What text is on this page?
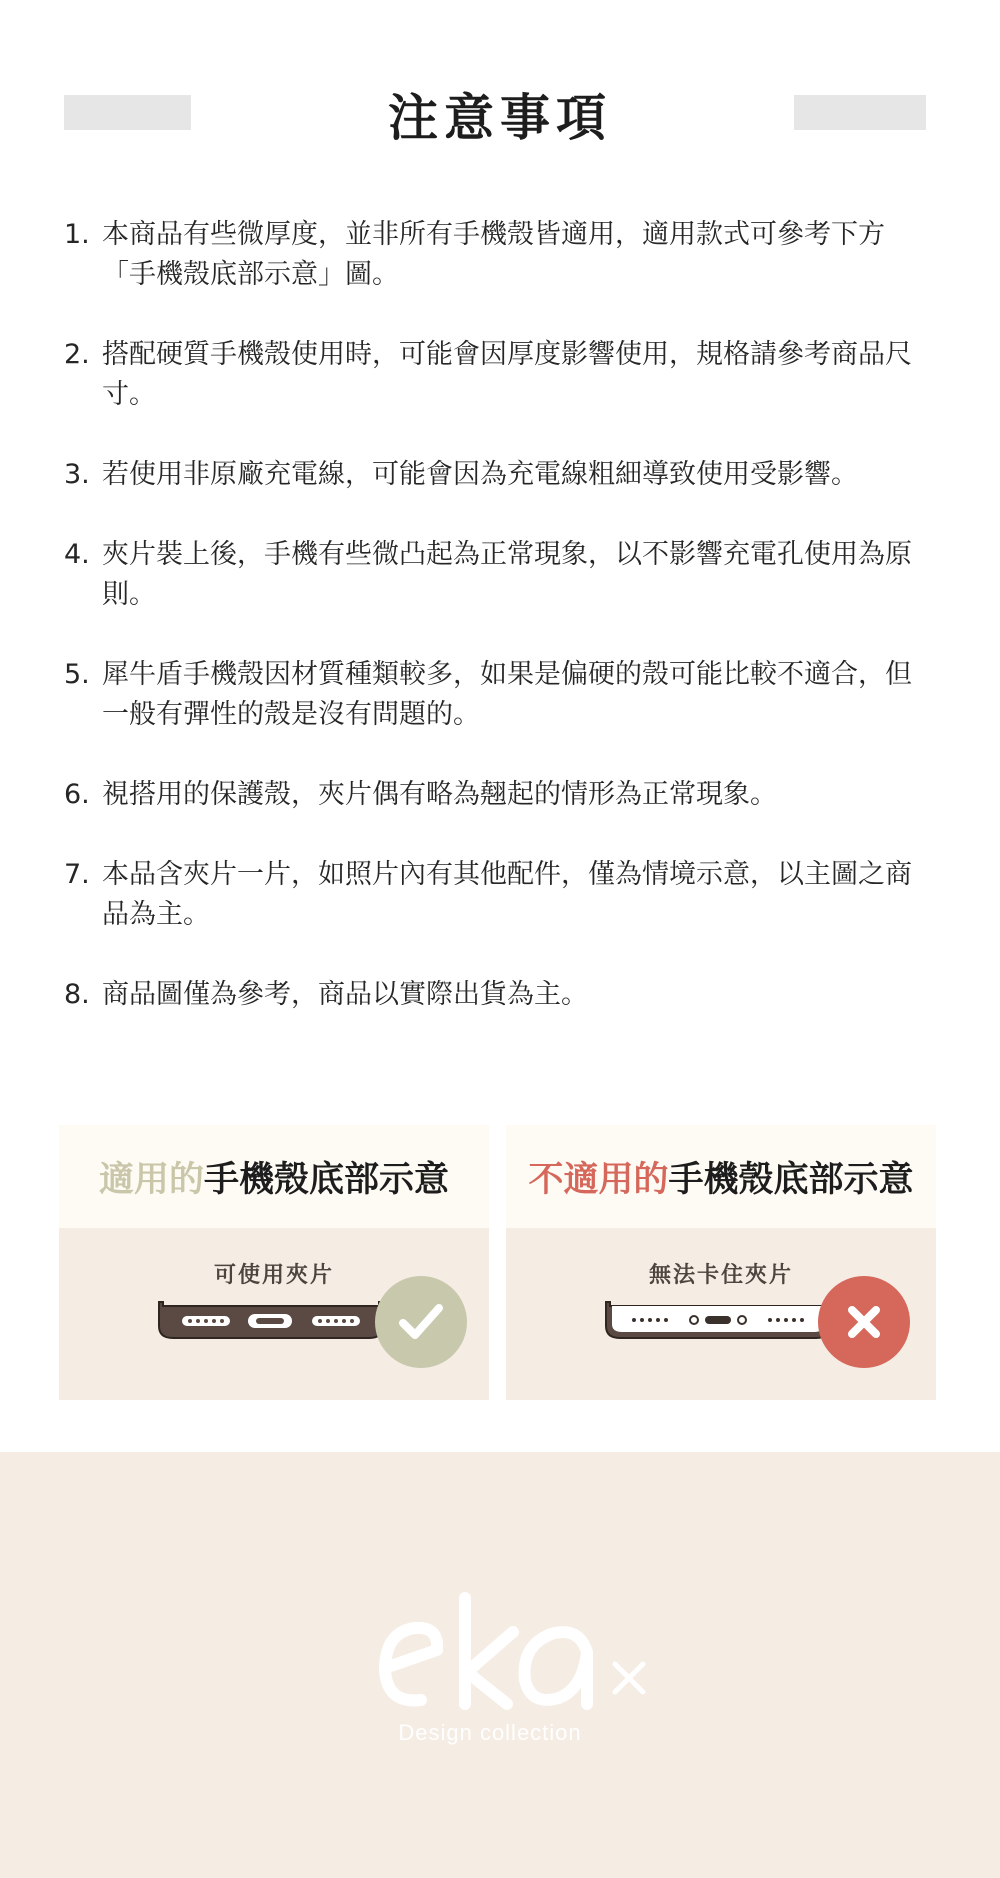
注意事項
1. 本商品有些微厚度，並非所有手機殼皆適用，適用款式可參考下方「手機殼底部示意」圖。
2. 搭配硬質手機殼使用時，可能會因厚度影響使用，規格請參考商品尺寸。
3. 若使用非原廠充電線，可能會因為充電線粗細導致使用受影響。
4. 夾片裝上後，手機有些微凸起為正常現象，以不影響充電孔使用為原則。
5. 犀牛盾手機殼因材質種類較多，如果是偏硬的殼可能比較不適合，但一般有彈性的殼是沒有問題的。
6. 視搭用的保護殼，夾片偶有略為翹起的情形為正常現象。
7. 本品含夾片一片，如照片內有其他配件，僅為情境示意，以主圖之商品為主。
8. 商品圖僅為參考，商品以實際出貨為主。
適用的 手機殼底部示意
可使用夾片
不適用的 手機殼底部示意
無法卡住夾片
Design collection
